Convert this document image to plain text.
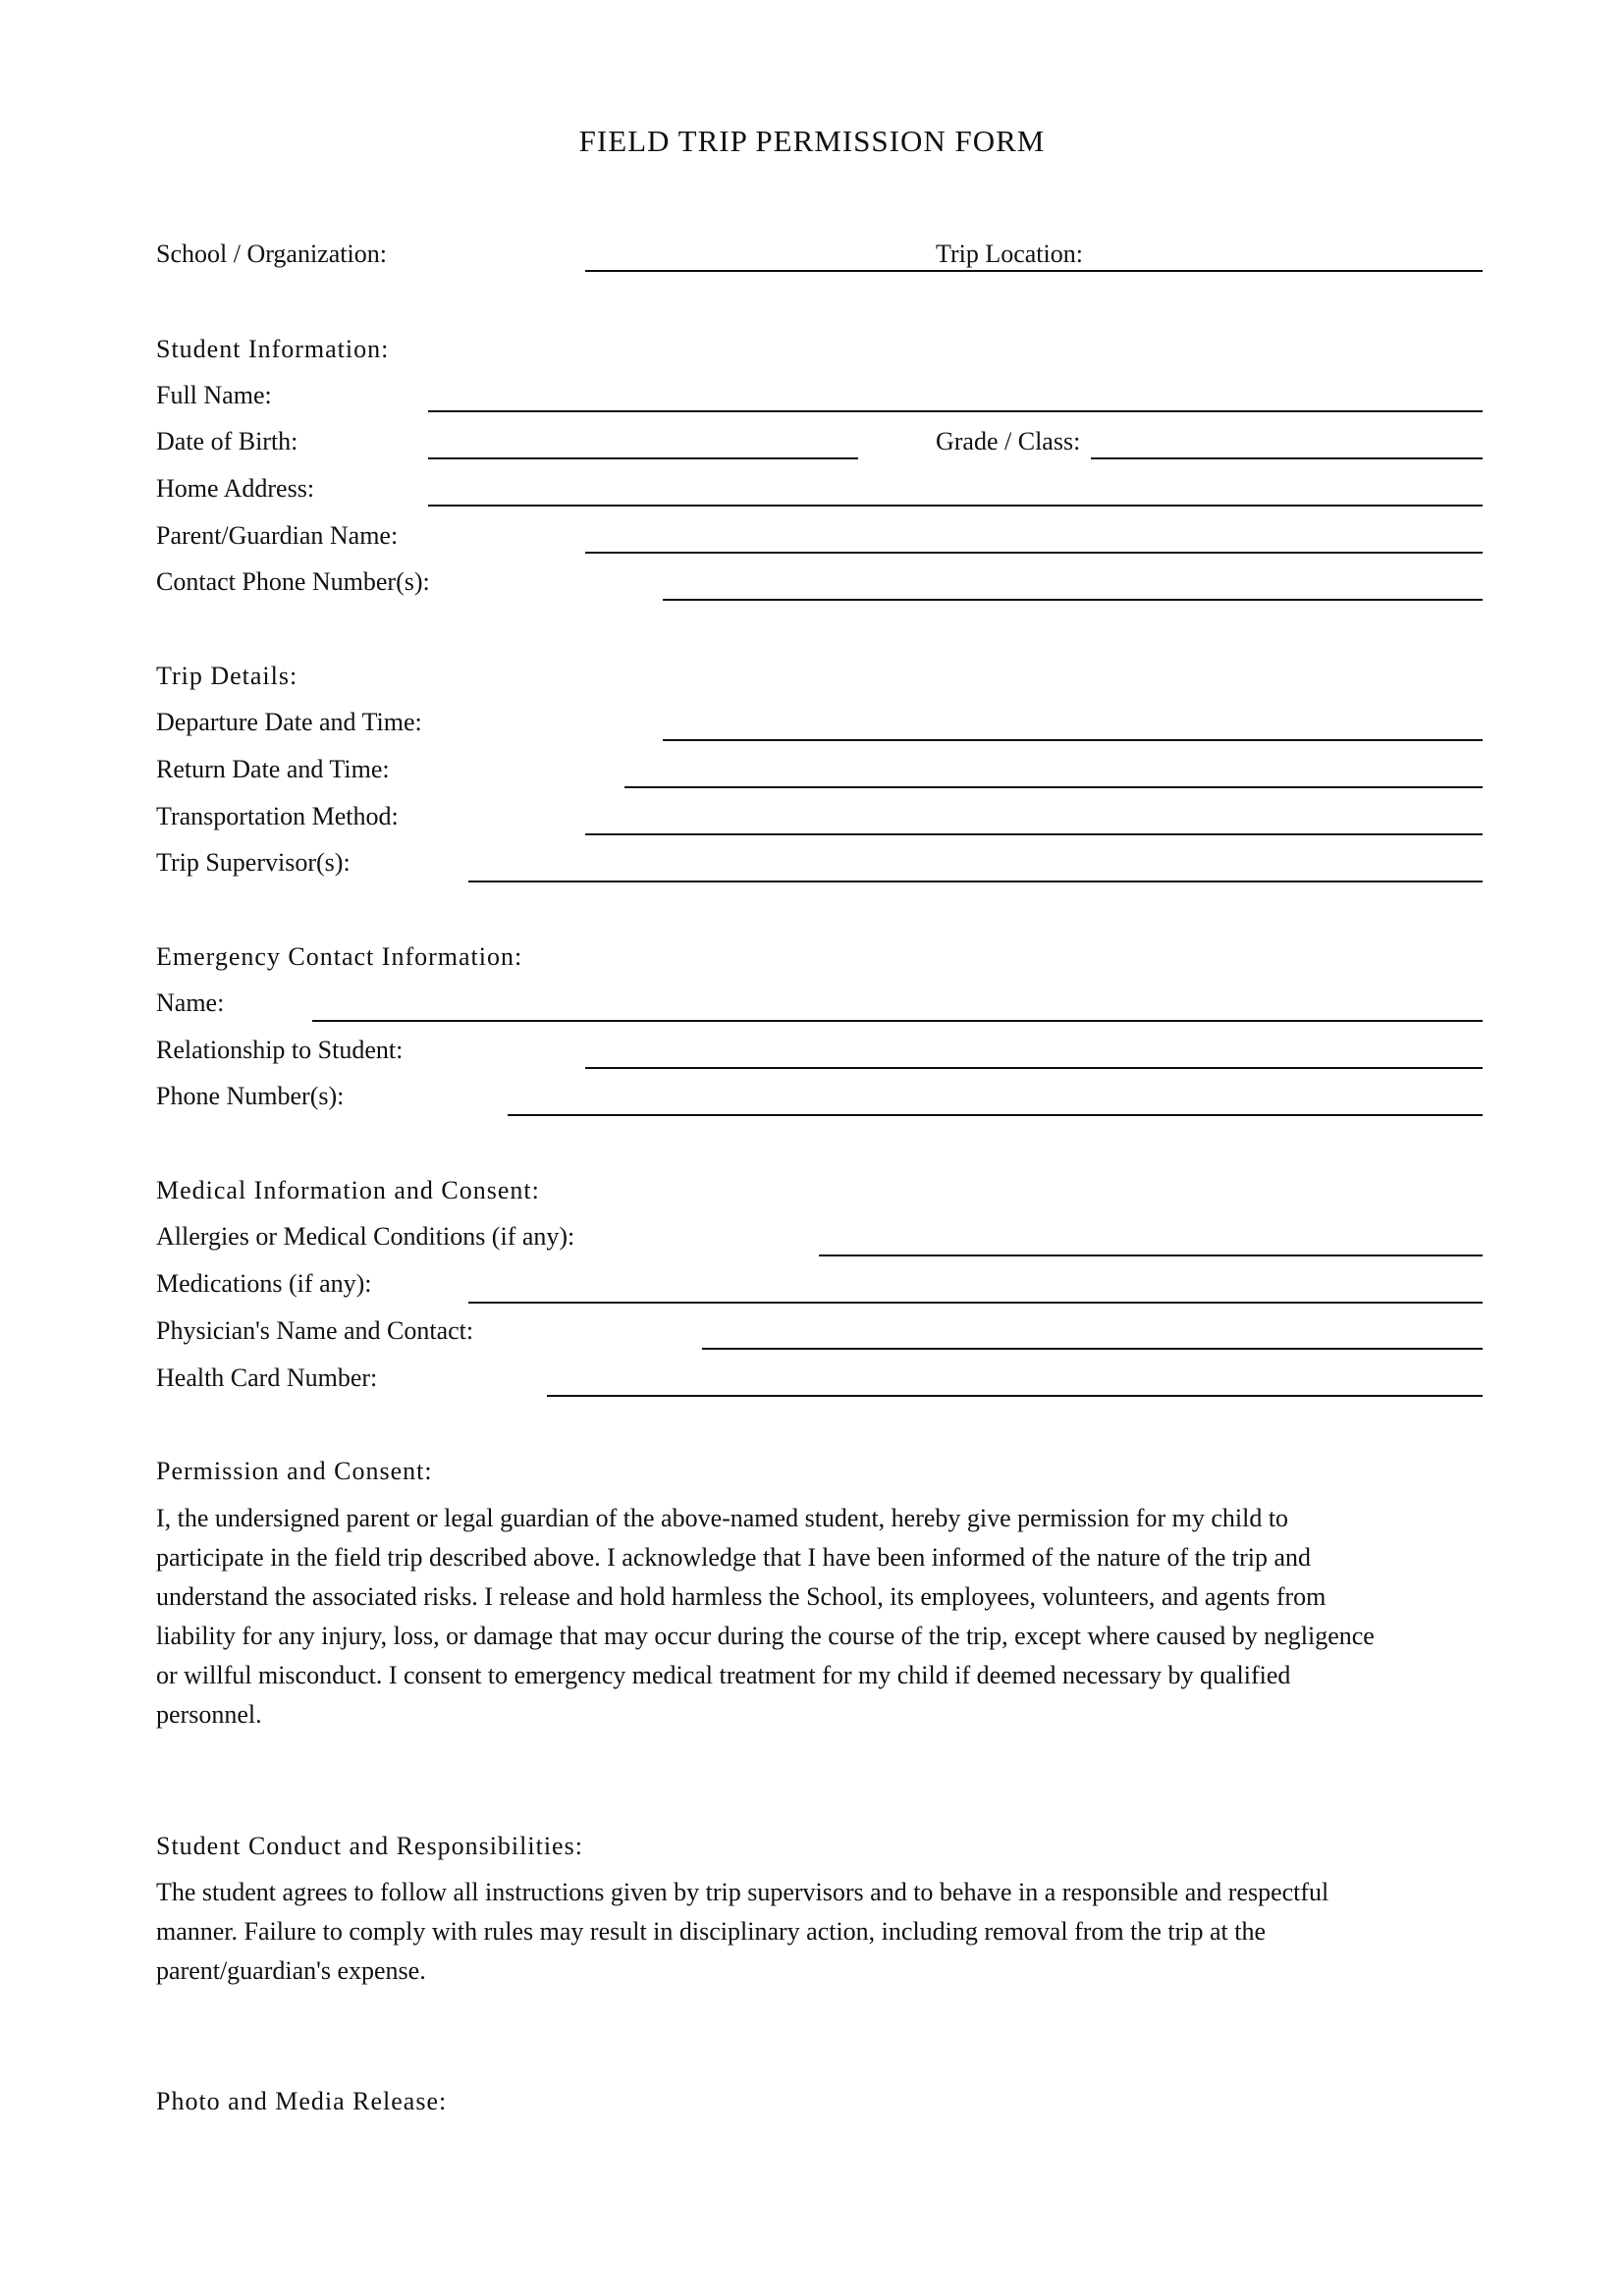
FIELD TRIP PERMISSION FORM
School / Organization:	Trip Location:
Student Information:
Full Name:
Date of Birth:	Grade / Class:
Home Address:
Parent/Guardian Name:
Contact Phone Number(s):
Trip Details:
Departure Date and Time:
Return Date and Time:
Transportation Method:
Trip Supervisor(s):
Emergency Contact Information:
Name:
Relationship to Student:
Phone Number(s):
Medical Information and Consent:
Allergies or Medical Conditions (if any):
Medications (if any):
Physician's Name and Contact:
Health Card Number:
Permission and Consent:
I, the undersigned parent or legal guardian of the above-named student, hereby give permission for my child to
participate in the field trip described above. I acknowledge that I have been informed of the nature of the trip and
understand the associated risks. I release and hold harmless the School, its employees, volunteers, and agents from
liability for any injury, loss, or damage that may occur during the course of the trip, except where caused by negligence
or willful misconduct. I consent to emergency medical treatment for my child if deemed necessary by qualified
personnel.
Student Conduct and Responsibilities:
The student agrees to follow all instructions given by trip supervisors and to behave in a responsible and respectful
manner. Failure to comply with rules may result in disciplinary action, including removal from the trip at the
parent/guardian's expense.
Photo and Media Release:
